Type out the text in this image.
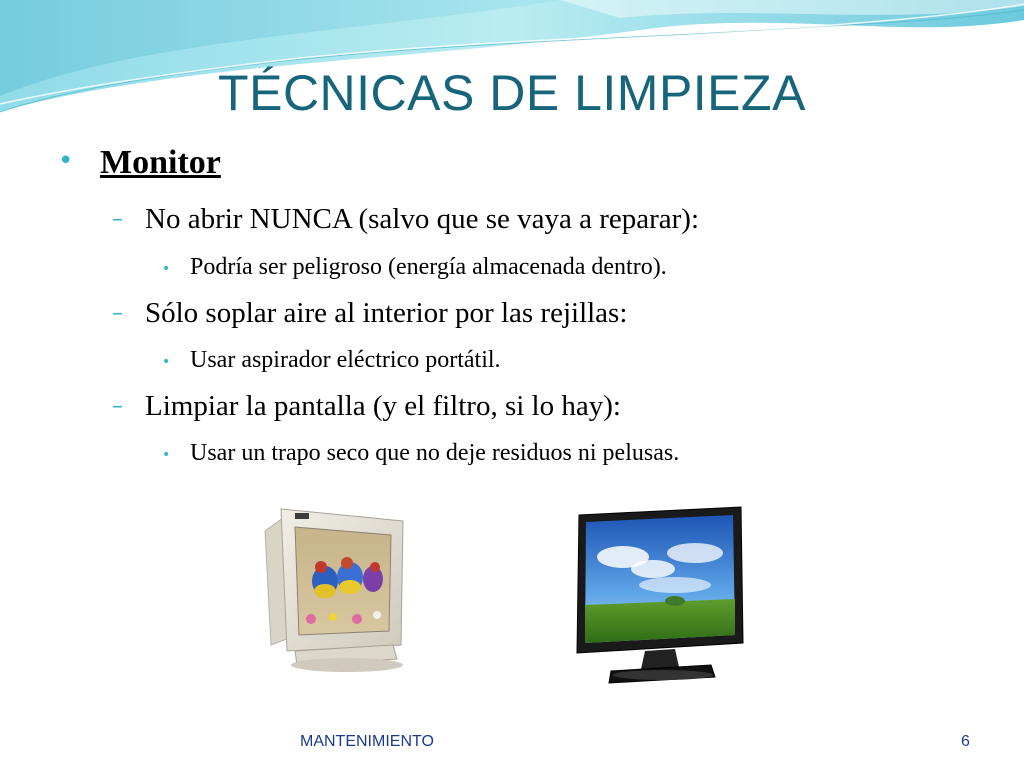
TÉCNICAS DE LIMPIEZA
• Monitor
– No abrir NUNCA (salvo que se vaya a reparar):
• Podría ser peligroso (energía almacenada dentro).
– Sólo soplar aire al interior por las rejillas:
• Usar aspirador eléctrico portátil.
– Limpiar la pantalla (y el filtro, si lo hay):
• Usar un trapo seco que no deje residuos ni pelusas.
MANTENIMIENTO	6
